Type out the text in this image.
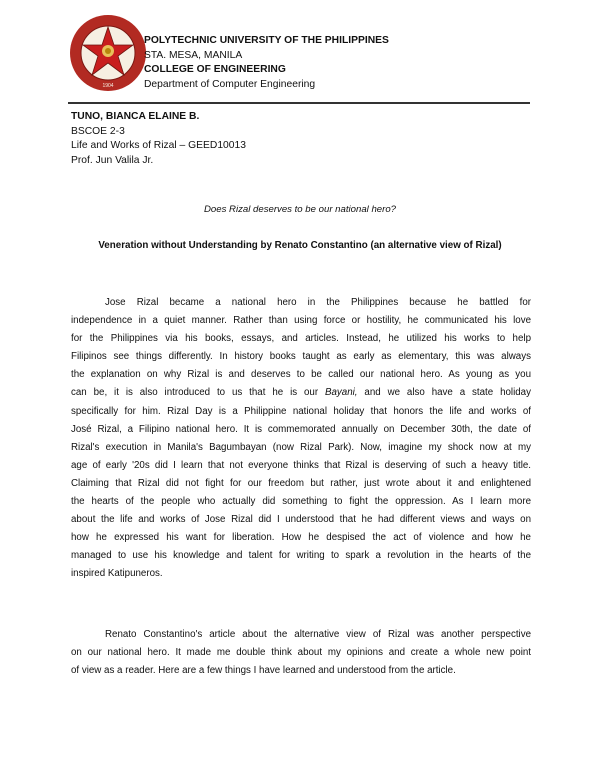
1904
POLYTECHNIC UNIVERSITY OF THE PHILIPPINES
STA. MESA, MANILA
COLLEGE OF ENGINEERING
Department of Computer Engineering
TUNO, BIANCA ELAINE B.
BSCOE 2-3
Life and Works of Rizal – GEED10013
Prof. Jun Valila Jr.
Does Rizal deserves to be our national hero?
Veneration without Understanding by Renato Constantino (an alternative view of Rizal)
Jose Rizal became a national hero in the Philippines because he battled for
independence in a quiet manner. Rather than using force or hostility, he communicated his love
for the Philippines via his books, essays, and articles. Instead, he utilized his works to help
Filipinos see things differently. In history books taught as early as elementary, this was always
the explanation on why Rizal is and deserves to be called our national hero. As young as you
can be, it is also introduced to us that he is our Bayani, and we also have a state holiday
specifically for him. Rizal Day is a Philippine national holiday that honors the life and works of
José Rizal, a Filipino national hero. It is commemorated annually on December 30th, the date of
Rizal's execution in Manila's Bagumbayan (now Rizal Park). Now, imagine my shock now at my
age of early '20s did I learn that not everyone thinks that Rizal is deserving of such a heavy title.
Claiming that Rizal did not fight for our freedom but rather, just wrote about it and enlightened
the hearts of the people who actually did something to fight the oppression. As I learn more
about the life and works of Jose Rizal did I understood that he had different views and ways on
how he expressed his want for liberation. How he despised the act of violence and how he
managed to use his knowledge and talent for writing to spark a revolution in the hearts of the
inspired Katipuneros.
Renato Constantino's article about the alternative view of Rizal was another perspective
on our national hero. It made me double think about my opinions and create a whole new point
of view as a reader. Here are a few things I have learned and understood from the article.
